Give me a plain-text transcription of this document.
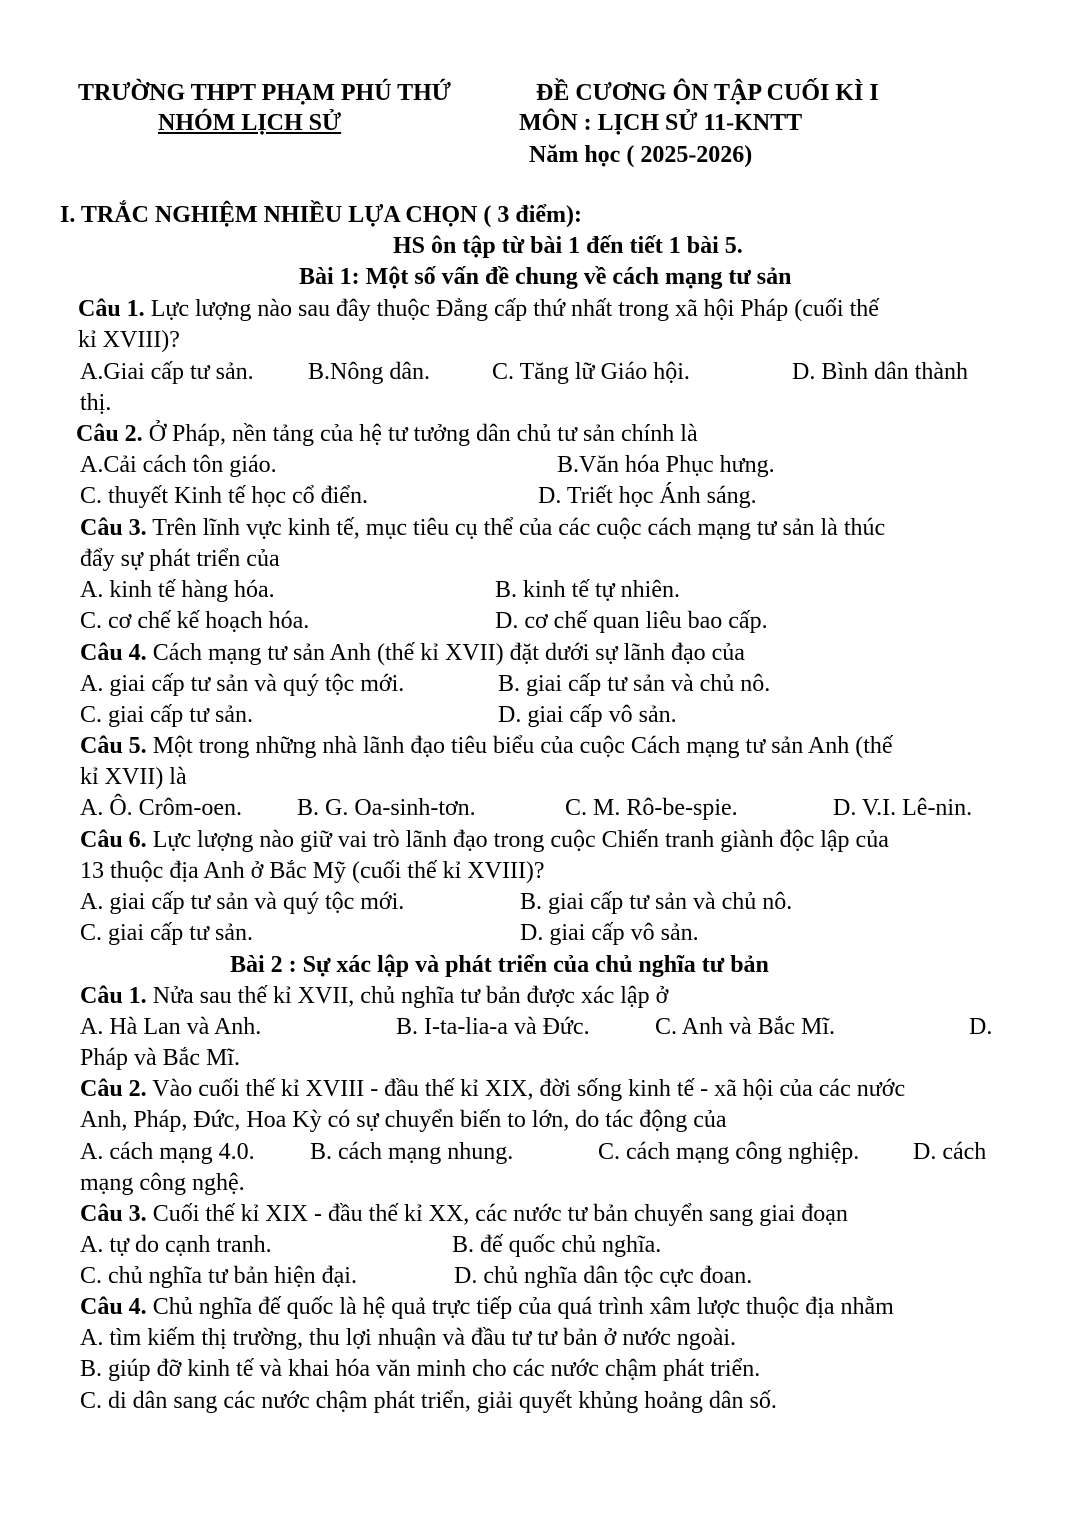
TRƯỜNG THPT PHẠM PHÚ THỨ
NHÓM LỊCH SỬ
ĐỀ CƯƠNG ÔN TẬP CUỐI KÌ I
MÔN : LỊCH SỬ 11-KNTT
Năm học ( 2025-2026)
I. TRẮC NGHIỆM NHIỀU LỰA CHỌN ( 3 điểm):
HS ôn tập từ bài 1 đến tiết 1 bài 5.
Bài 1: Một số vấn đề chung về cách mạng tư sản
Câu 1. Lực lượng nào sau đây thuộc Đẳng cấp thứ nhất trong xã hội Pháp (cuối thế
kỉ XVIII)?
A.Giai cấp tư sản. B.Nông dân.	C. Tăng lữ Giáo hội.	D. Bình dân thành
thị.
Câu 2. Ở Pháp, nền tảng của hệ tư tưởng dân chủ tư sản chính là
A.Cải cách tôn giáo.	B.Văn hóa Phục hưng.
C. thuyết Kinh tế học cổ điển.	D. Triết học Ánh sáng.
Câu 3. Trên lĩnh vực kinh tế, mục tiêu cụ thể của các cuộc cách mạng tư sản là thúc
đẩy sự phát triển của
A. kinh tế hàng hóa.	B. kinh tế tự nhiên.
C. cơ chế kế hoạch hóa.	D. cơ chế quan liêu bao cấp.
Câu 4. Cách mạng tư sản Anh (thế kỉ XVII) đặt dưới sự lãnh đạo của
A. giai cấp tư sản và quý tộc mới.	B. giai cấp tư sản và chủ nô.
C. giai cấp tư sản.	D. giai cấp vô sản.
Câu 5. Một trong những nhà lãnh đạo tiêu biểu của cuộc Cách mạng tư sản Anh (thế
kỉ XVII) là
A. Ô. Crôm-oen. B. G. Oa-sinh-tơn.	C. M. Rô-be-spie.	D. V.I. Lê-nin.
Câu 6. Lực lượng nào giữ vai trò lãnh đạo trong cuộc Chiến tranh giành độc lập của
13 thuộc địa Anh ở Bắc Mỹ (cuối thế kỉ XVIII)?
A. giai cấp tư sản và quý tộc mới.	B. giai cấp tư sản và chủ nô.
C. giai cấp tư sản.	D. giai cấp vô sản.
Bài 2 : Sự xác lập và phát triển của chủ nghĩa tư bản
Câu 1. Nửa sau thế kỉ XVII, chủ nghĩa tư bản được xác lập ở
A. Hà Lan và Anh.	B. I-ta-lia-a và Đức.	C. Anh và Bắc Mĩ.	D.
Pháp và Bắc Mĩ.
Câu 2. Vào cuối thế kỉ XVIII - đầu thế kỉ XIX, đời sống kinh tế - xã hội của các nước
Anh, Pháp, Đức, Hoa Kỳ có sự chuyển biến to lớn, do tác động của
A. cách mạng 4.0. B. cách mạng nhung.	C. cách mạng công nghiệp. D. cách
mạng công nghệ.
Câu 3. Cuối thế kỉ XIX - đầu thế kỉ XX, các nước tư bản chuyển sang giai đoạn
A. tự do cạnh tranh.	B. đế quốc chủ nghĩa.
C. chủ nghĩa tư bản hiện đại.	D. chủ nghĩa dân tộc cực đoan.
Câu 4. Chủ nghĩa đế quốc là hệ quả trực tiếp của quá trình xâm lược thuộc địa nhằm
A. tìm kiếm thị trường, thu lợi nhuận và đầu tư tư bản ở nước ngoài.
B. giúp đỡ kinh tế và khai hóa văn minh cho các nước chậm phát triển.
C. di dân sang các nước chậm phát triển, giải quyết khủng hoảng dân số.
